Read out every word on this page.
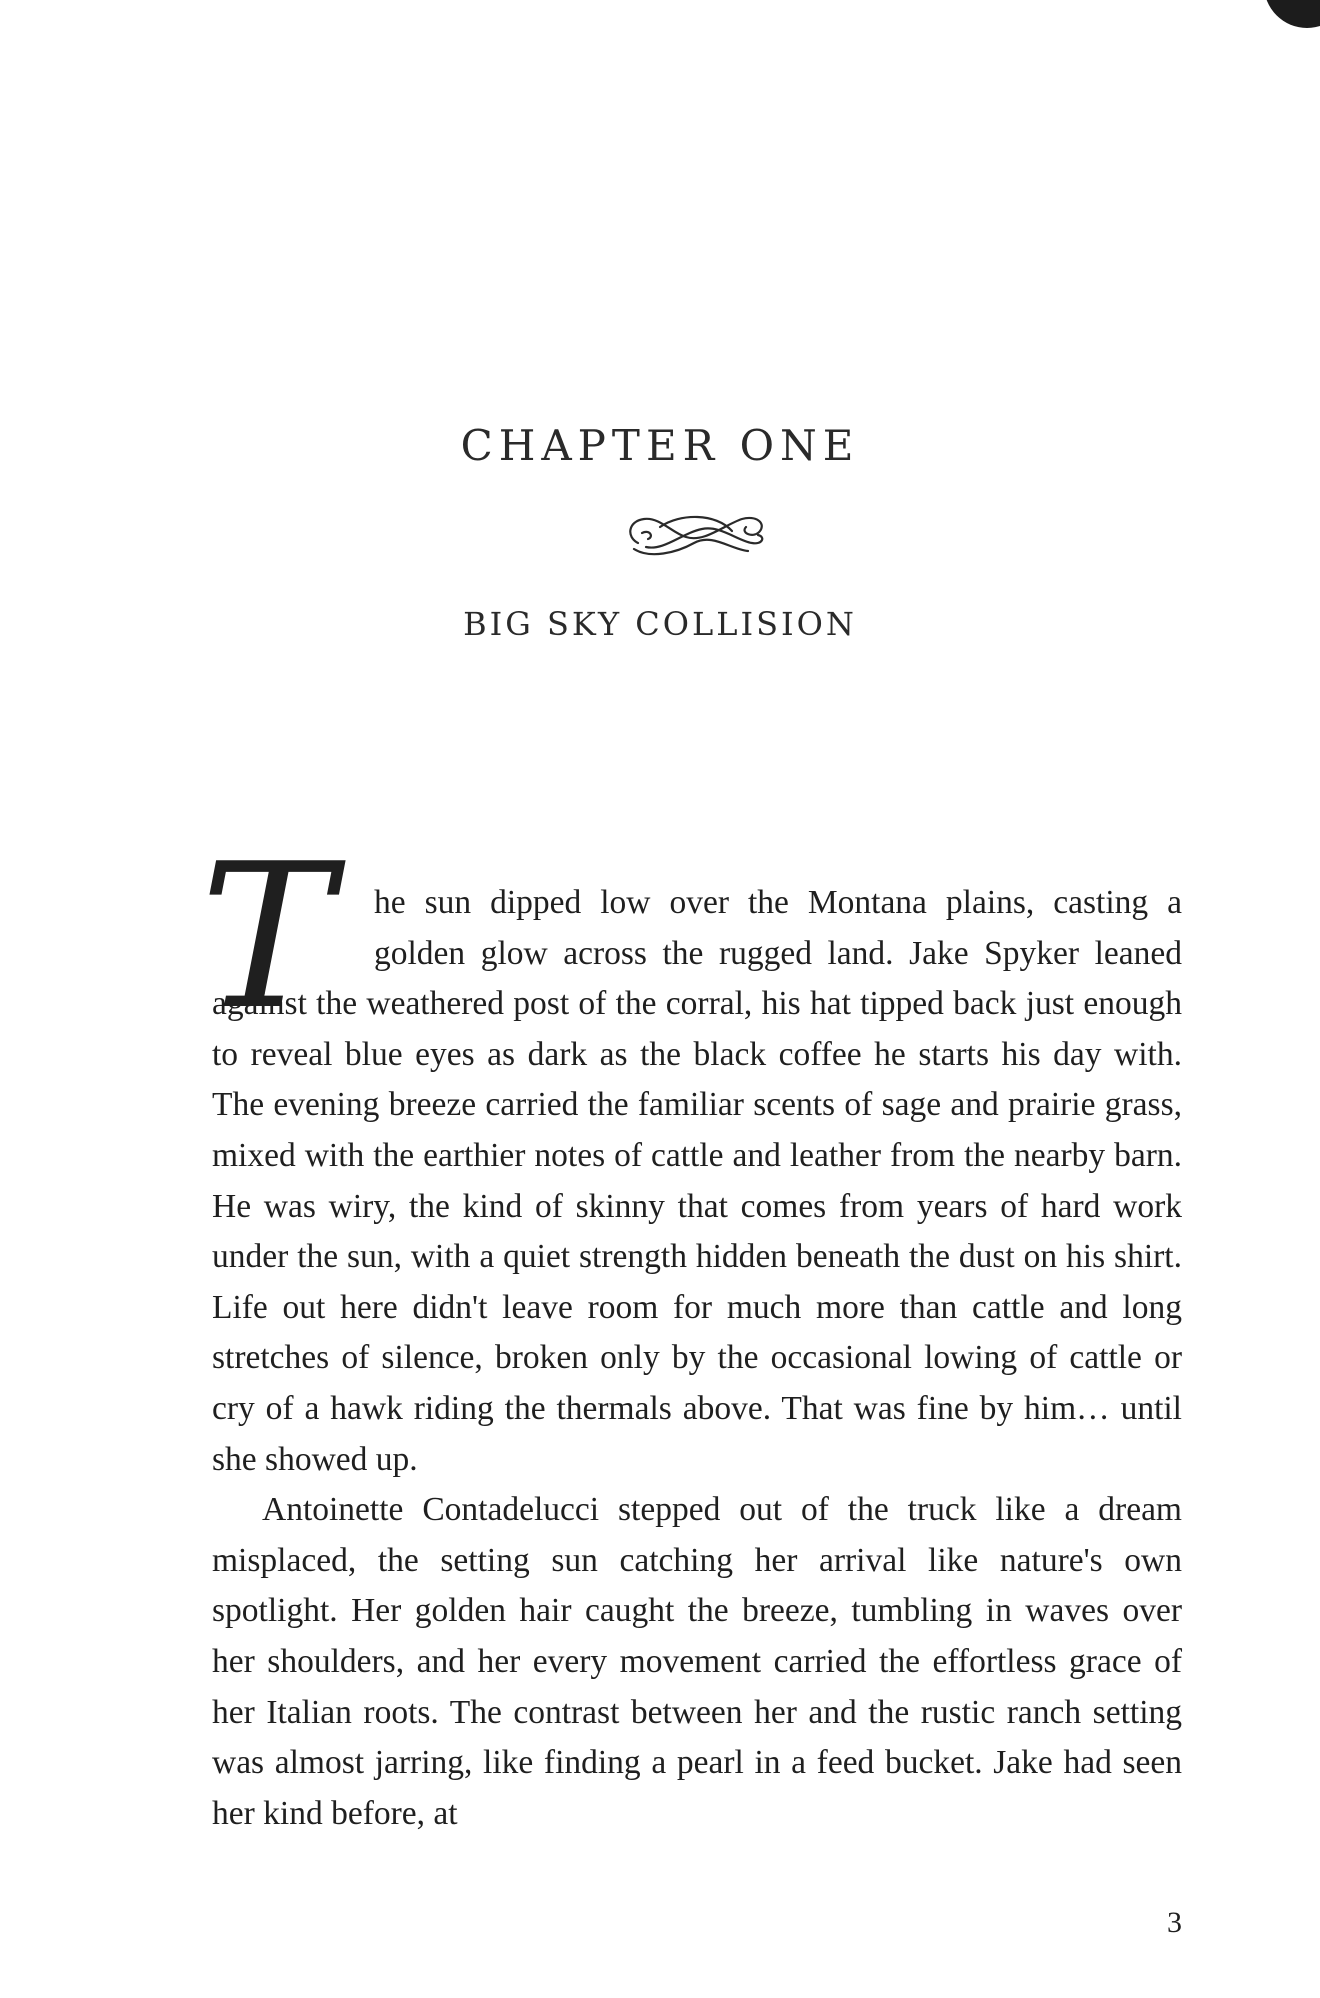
CHAPTER ONE
BIG SKY COLLISION

T he sun dipped low over the Montana plains, casting a golden glow across the rugged land. Jake Spyker leaned against the weathered post of the corral, his hat tipped back just enough to reveal blue eyes as dark as the black coffee he starts his day with. The evening breeze carried the familiar scents of sage and prairie grass, mixed with the earthier notes of cattle and leather from the nearby barn. He was wiry, the kind of skinny that comes from years of hard work under the sun, with a quiet strength hidden beneath the dust on his shirt. Life out here didn't leave room for much more than cattle and long stretches of silence, broken only by the occasional lowing of cattle or cry of a hawk riding the thermals above. That was fine by him… until she showed up.

Antoinette Contadelucci stepped out of the truck like a dream misplaced, the setting sun catching her arrival like nature's own spotlight. Her golden hair caught the breeze, tumbling in waves over her shoulders, and her every movement carried the effortless grace of her Italian roots. The contrast between her and the rustic ranch setting was almost jarring, like finding a pearl in a feed bucket. Jake had seen her kind before, at

3
